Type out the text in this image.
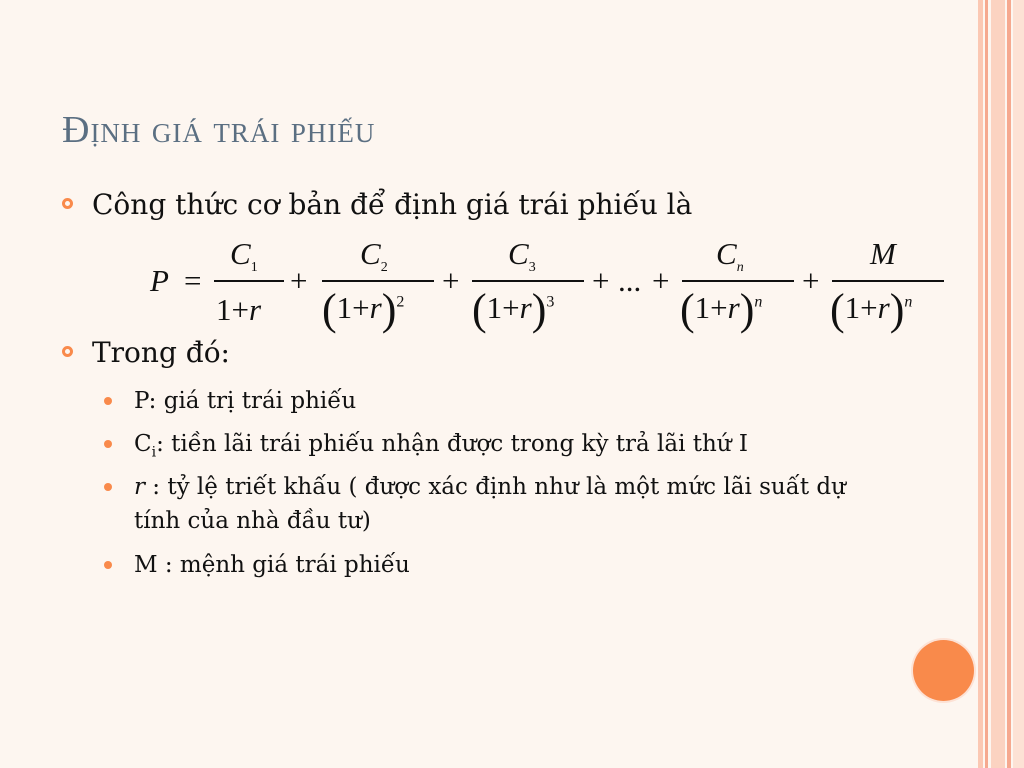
Định giá trái phiếu
Công thức cơ bản để định giá trái phiếu là
P =
$C_1$
1+r
+
$C_2$
$(1+r)^2$
+
$C_3$
$(1+r)^3$
+ ... +
$C_n$
$(1+r)^n$
+
M
$(1+r)^n$
Trong đó:
P: giá trị trái phiếu
$C_i$: tiền lãi trái phiếu nhận được trong kỳ trả lãi thứ I
r : tỷ lệ triết khấu ( được xác định như là một mức lãi suất dự tính của nhà đầu tư)
M : mệnh giá trái phiếu
